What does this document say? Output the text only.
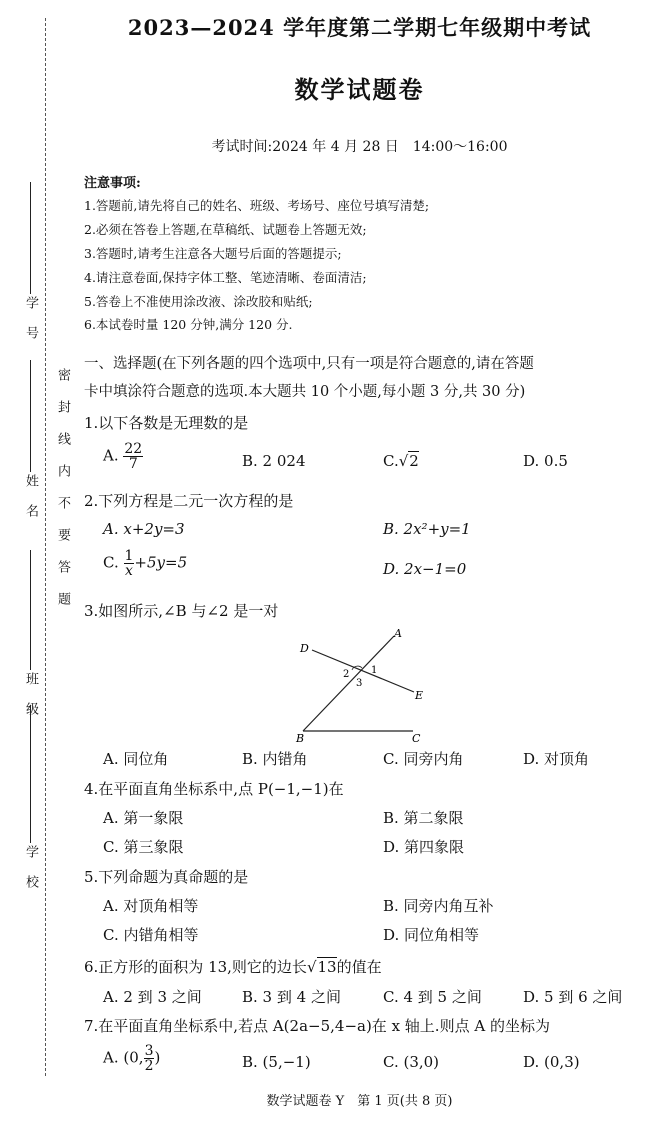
学　号
姓　名
班　级
学　校
密　封　线　内　不　要　答　题
2023—2024 学年度第二学期七年级期中考试
数学试题卷
考试时间:2024 年 4 月 28 日　14:00～16:00
注意事项:
1.答题前,请先将自己的姓名、班级、考场号、座位号填写清楚;
2.必须在答卷上答题,在草稿纸、试题卷上答题无效;
3.答题时,请考生注意各大题号后面的答题提示;
4.请注意卷面,保持字体工整、笔迹清晰、卷面清洁;
5.答卷上不准使用涂改液、涂改胶和贴纸;
6.本试卷时量 120 分钟,满分 120 分.
一、选择题(在下列各题的四个选项中,只有一项是符合题意的,请在答题
卡中填涂符合题意的选项.本大题共 10 个小题,每小题 3 分,共 30 分)
1.以下各数是无理数的是
A. $\frac{22}{7}$	B. 2 024	C.√2	D. 0.5
2.下列方程是二元一次方程的是
A. x+2y=3	B. 2x²+y=1
C. $\frac{1}{x} +5y=5$	D. 2x−1=0
3.如图所示,∠B 与∠2 是一对
D
A
E
B	C
1
2
3
A. 同位角	B. 内错角	C. 同旁内角	D. 对顶角
4.在平面直角坐标系中,点 P(−1,−1)在
A. 第一象限	B. 第二象限
C. 第三象限	D. 第四象限
5.下列命题为真命题的是
A. 对顶角相等	B. 同旁内角互补
C. 内错角相等	D. 同位角相等
6.正方形的面积为 13,则它的边长√13的值在
A. 2 到 3 之间	B. 3 到 4 之间	C. 4 到 5 之间	D. 5 到 6 之间
7.在平面直角坐标系中,若点 A(2a−5,4−a)在 x 轴上.则点 A 的坐标为
A. (0, $\frac{3}{2}$ )	B. (5,−1)	C. (3,0)	D. (0,3)
数学试题卷 Y　第 1 页(共 8 页)
